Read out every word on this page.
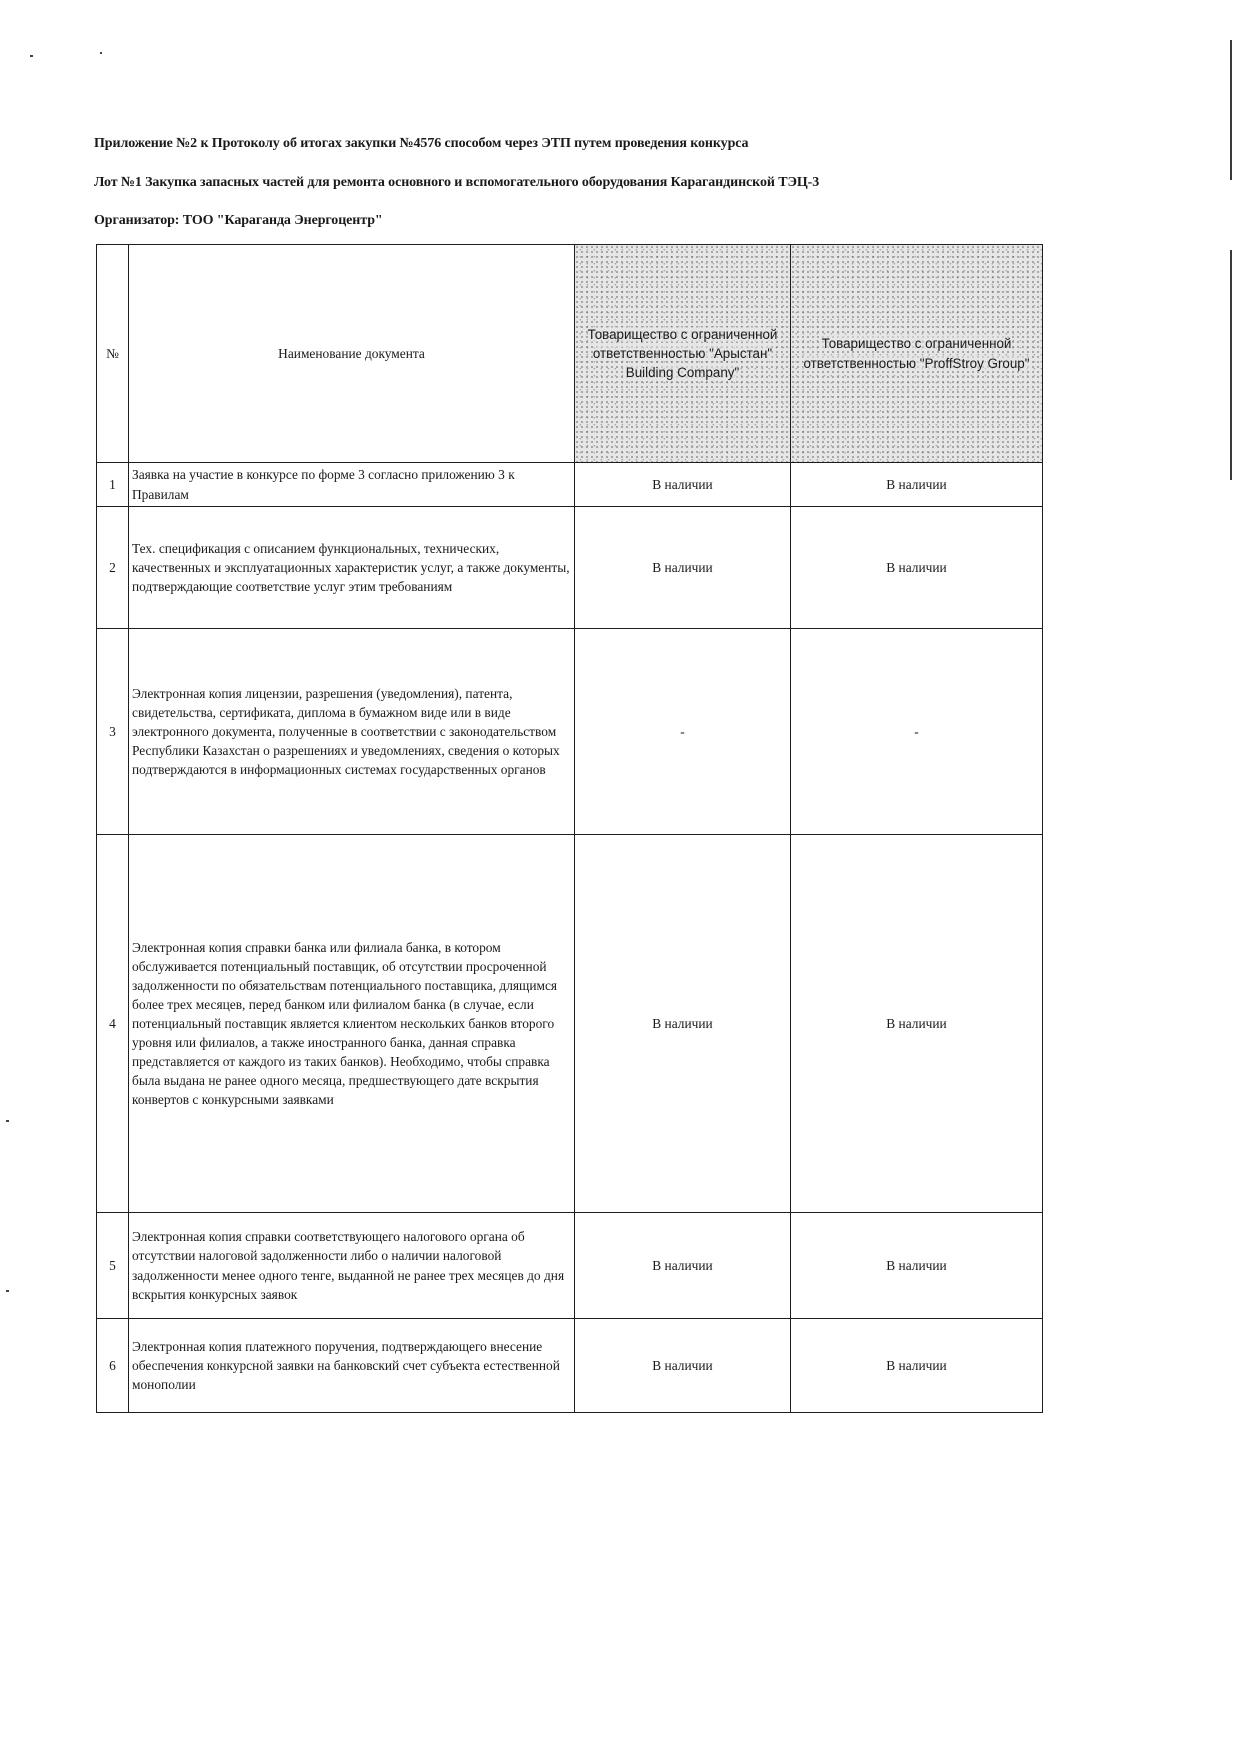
Приложение №2 к Протоколу об итогах закупки №4576 способом через ЭТП путем проведения конкурса
Лот №1 Закупка запасных частей для ремонта основного и вспомогательного оборудования Карагандинской ТЭЦ-3
Организатор: ТОО "Караганда Энергоцентр"
№	Наименование документа	Товарищество с ограниченной ответственностью "Арыстан" Building Company"	Товарищество с ограниченной ответственностью "ProffStroy Group"
1	Заявка на участие в конкурсе по форме 3 согласно приложению 3 к Правилам	В наличии	В наличии
2	Тех. спецификация с описанием функциональных, технических, качественных и эксплуатационных характеристик услуг, а также документы, подтверждающие соответствие услуг этим требованиям	В наличии	В наличии
3	Электронная копия лицензии, разрешения (уведомления), патента, свидетельства, сертификата, диплома в бумажном виде или в виде электронного документа, полученные в соответствии с законодательством Республики Казахстан о разрешениях и уведомлениях, сведения о которых подтверждаются в информационных системах государственных органов	-	-
4	Электронная копия справки банка или филиала банка, в котором обслуживается потенциальный поставщик, об отсутствии просроченной задолженности по обязательствам потенциального поставщика, длящимся более трех месяцев, перед банком или филиалом банка (в случае, если потенциальный поставщик является клиентом нескольких банков второго уровня или филиалов, а также иностранного банка, данная справка представляется от каждого из таких банков). Необходимо, чтобы справка была выдана не ранее одного месяца, предшествующего дате вскрытия конвертов с конкурсными заявками	В наличии	В наличии
5	Электронная копия справки соответствующего налогового органа об отсутствии налоговой задолженности либо о наличии налоговой задолженности менее одного тенге, выданной не ранее трех месяцев до дня вскрытия конкурсных заявок	В наличии	В наличии
6	Электронная копия платежного поручения, подтверждающего внесение обеспечения конкурсной заявки на банковский счет субъекта естественной монополии	В наличии	В наличии
